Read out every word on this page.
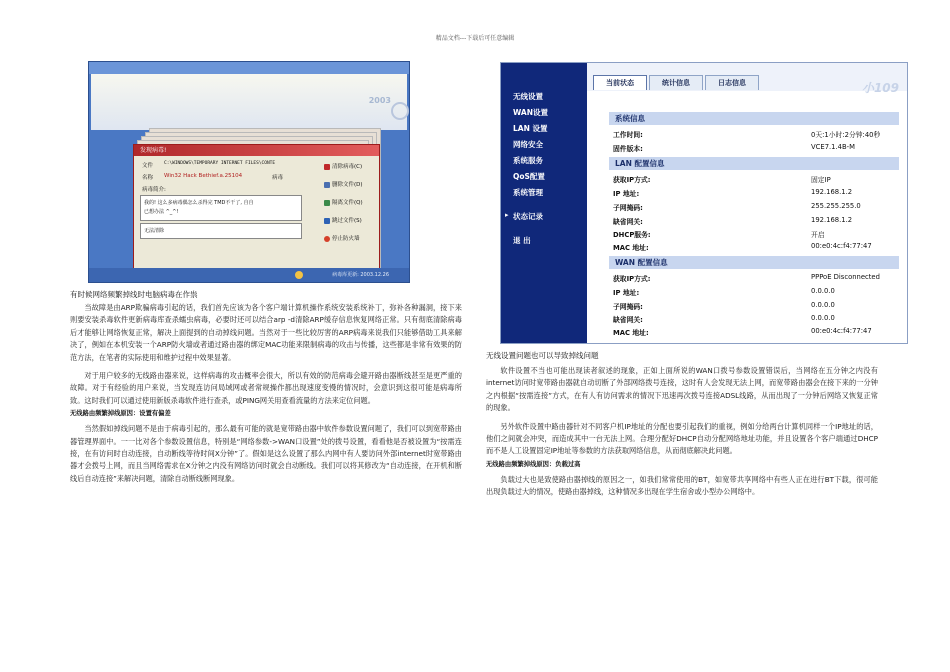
精品文档---下载后可任意编辑
2003
发现病毒!
文件 C:\WINDOWS\TEMPORARY INTERNET FILES\CONTE
名称 Win32 Hack Bethief.a.25104	病毒
病毒简介:
我的! 这么多病毒偶怎么杀得完 TMD不干了, 自自
已想办法 ^_^!
无法清除
清除病毒(C)
删除文件(D)
隔离文件(Q)
跳过文件(S)
停止防火墙
病毒库更新: 2003.12.26
有时候网络频繁掉线时电脑病毒在作祟

当故障是由ARP欺骗病毒引起的话，我们首先应该为各个客户端计算机操作系统安装系统补丁，弥补各种漏洞，接下来则要安装杀毒软件更新病毒库查杀蠕虫病毒，必要时还可以结合arp -d清除ARP缓存信息恢复网络正常。只有彻底清除病毒后才能够让网络恢复正常，解决上面提到的自动掉线问题。当然对于一些比较厉害的ARP病毒来说我们只能够借助工具来解决了，例如在本机安装一个ARP防火墙或者通过路由器的绑定MAC功能来限制病毒的攻击与传播，这些都是非常有效果的防范方法，在笔者的实际使用和维护过程中效果显著。

对于用户较多的无线路由器来说，这样病毒的攻击概率会很大，所以有效的防范病毒会避开路由器断线甚至是更严重的故障。对于有经验的用户来说，当发现连访问局域网或者常规操作都出现速度变慢的情况时，会意识到这很可能是病毒所致。这时我们可以通过使用新版杀毒软件进行查杀，或PING网关用查看流量的方法来定位问题。

无线路由频繁掉线原因：设置有偏差

当然假如掉线问题不是由于病毒引起的，那么最有可能的就是宽带路由器中软件参数设置问题了，我们可以到宽带路由器管理界面中。一一比对各个参数设置信息，特别是“网络参数->WAN口设置”处的拨号设置，看看他是否被设置为“按需连接，在有访问时自动连接，自动断线等待时间X分钟”了。假如是这么设置了那么内网中有人要访问外部internet时宽带路由器才会拨号上网，而且当网络需求在X分钟之内没有网络访问时就会自动断线。我们可以将其修改为“自动连接，在开机和断线后自动连接”来解决问题，清除自动断线断网现象。

无线设置
WAN设置
LAN 设置
网络安全
系统服务
QoS配置
系统管理
▸ 状态记录
退 出
当前状态	统计信息	日志信息	小109
系统信息
工作时间:	0天:1小时:2分钟:40秒
固件版本:	VCE7.1.4B-M
LAN 配置信息
获取IP方式:	固定IP
IP 地址:	192.168.1.2
子网掩码:	255.255.255.0
缺省网关:	192.168.1.2
DHCP服务:	开启
MAC 地址:	00:e0:4c:f4:77:47
WAN 配置信息
获取IP方式:	PPPoE Disconnected
IP 地址:	0.0.0.0
子网掩码:	0.0.0.0
缺省网关:	0.0.0.0
MAC 地址:	00:e0:4c:f4:77:47
无线设置问题也可以导致掉线问题

软件设置不当也可能出现读者叙述的现象，正如上面所说的WAN口拨号参数设置错误后，当网络在五分钟之内没有internet访问时宽带路由器就自动切断了外部网络拨号连接，这时有人会发现无法上网，而宽带路由器会在接下来的一分钟之内根据“按需连接”方式，在有人有访问需求的情况下迅速再次拨号连接ADSL线路，从而出现了一分钟后网络又恢复正常的现象。

另外软件设置中路由器针对不同客户机IP地址的分配也要引起我们的重视，例如分给两台计算机同样一个IP地址的话，他们之间就会冲突，而造成其中一台无法上网。合理分配好DHCP自动分配网络地址功能，并且设置各个客户端通过DHCP而不是人工设置固定IP地址等参数的方法获取网络信息，从而彻底解决此问题。

无线路由频繁掉线原因：负载过高

负载过大也是致使路由器掉线的原因之一，如我们常常使用的BT，如宽带共享网络中有些人正在进行BT下载，很可能出现负载过大的情况，使路由器掉线，这种情况多出现在学生宿舍或小型办公网络中。
